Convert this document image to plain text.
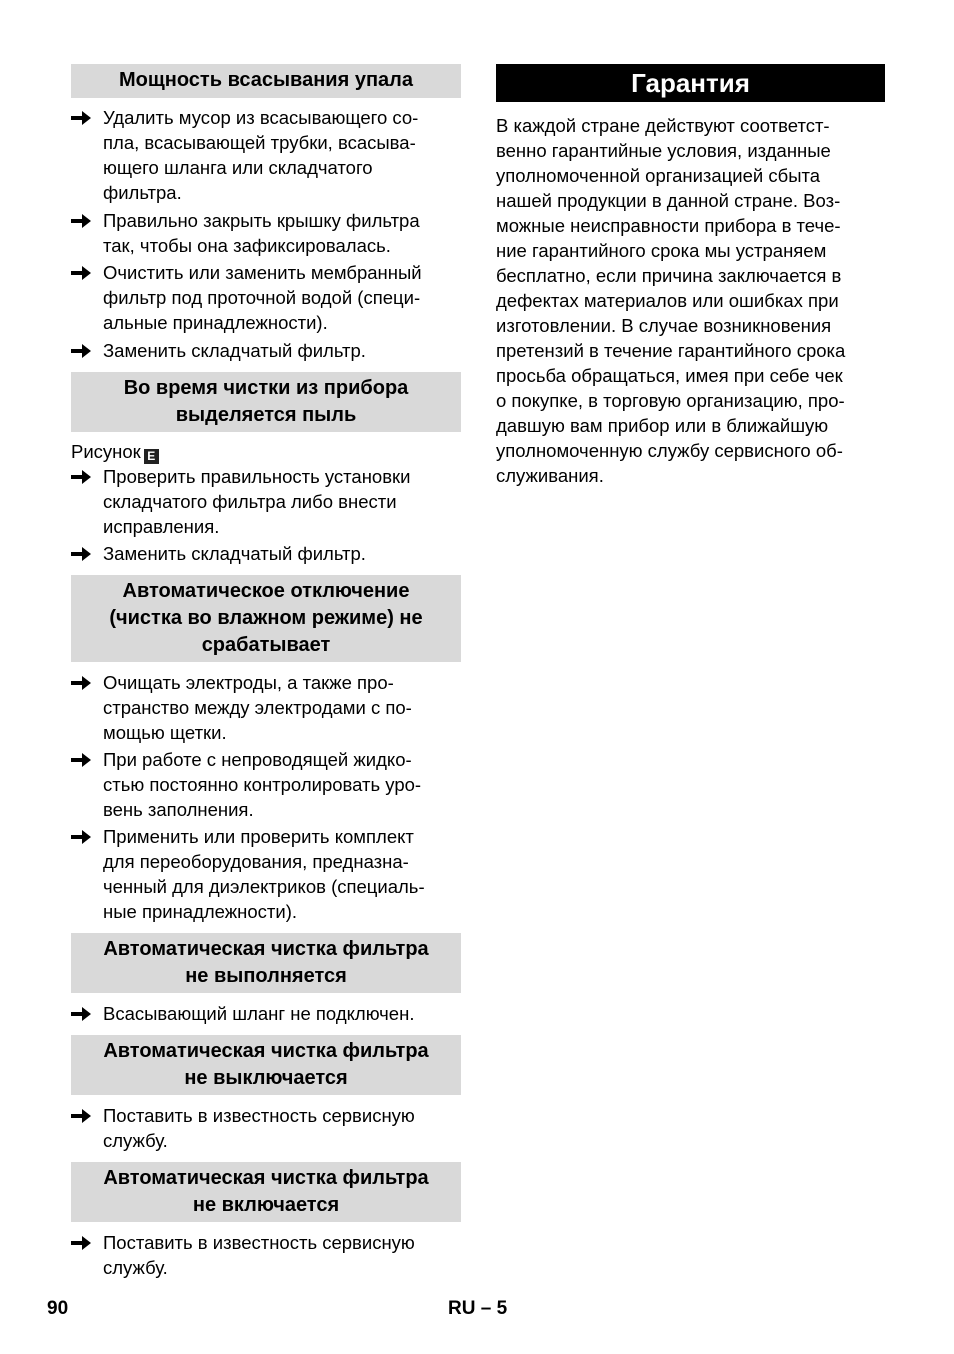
Мощность всасывания упала
Удалить мусор из всасывающего со-
пла, всасывающей трубки, всасыва-
ющего шланга или складчатого
фильтра.
Правильно закрыть крышку фильтра
так, чтобы она зафиксировалась.
Очистить или заменить мембранный
фильтр под проточной водой (специ-
альные принадлежности).
Заменить складчатый фильтр.
Во время чистки из прибора
выделяется пыль
Рисунок E
Проверить правильность установки
складчатого фильтра либо внести
исправления.
Заменить складчатый фильтр.
Автоматическое отключение
(чистка во влажном режиме) не
срабатывает
Очищать электроды, а также про-
странство между электродами с по-
мощью щетки.
При работе с непроводящей жидко-
стью постоянно контролировать уро-
вень заполнения.
Применить или проверить комплект
для переоборудования, предназна-
ченный для диэлектриков (специаль-
ные принадлежности).
Автоматическая чистка фильтра
не выполняется
Всасывающий шланг не подключен.
Автоматическая чистка фильтра
не выключается
Поставить в известность сервисную
службу.
Автоматическая чистка фильтра
не включается
Поставить в известность сервисную
службу.
Гарантия
В каждой стране действуют соответст-
венно гарантийные условия, изданные
уполномоченной организацией сбыта
нашей продукции в данной стране. Воз-
можные неисправности прибора в тече-
ние гарантийного срока мы устраняем
бесплатно, если причина заключается в
дефектах материалов или ошибках при
изготовлении. В случае возникновения
претензий в течение гарантийного срока
просьба обращаться, имея при себе чек
о покупке, в торговую организацию, про-
давшую вам прибор или в ближайшую
уполномоченную службу сервисного об-
служивания.
90	RU – 5
